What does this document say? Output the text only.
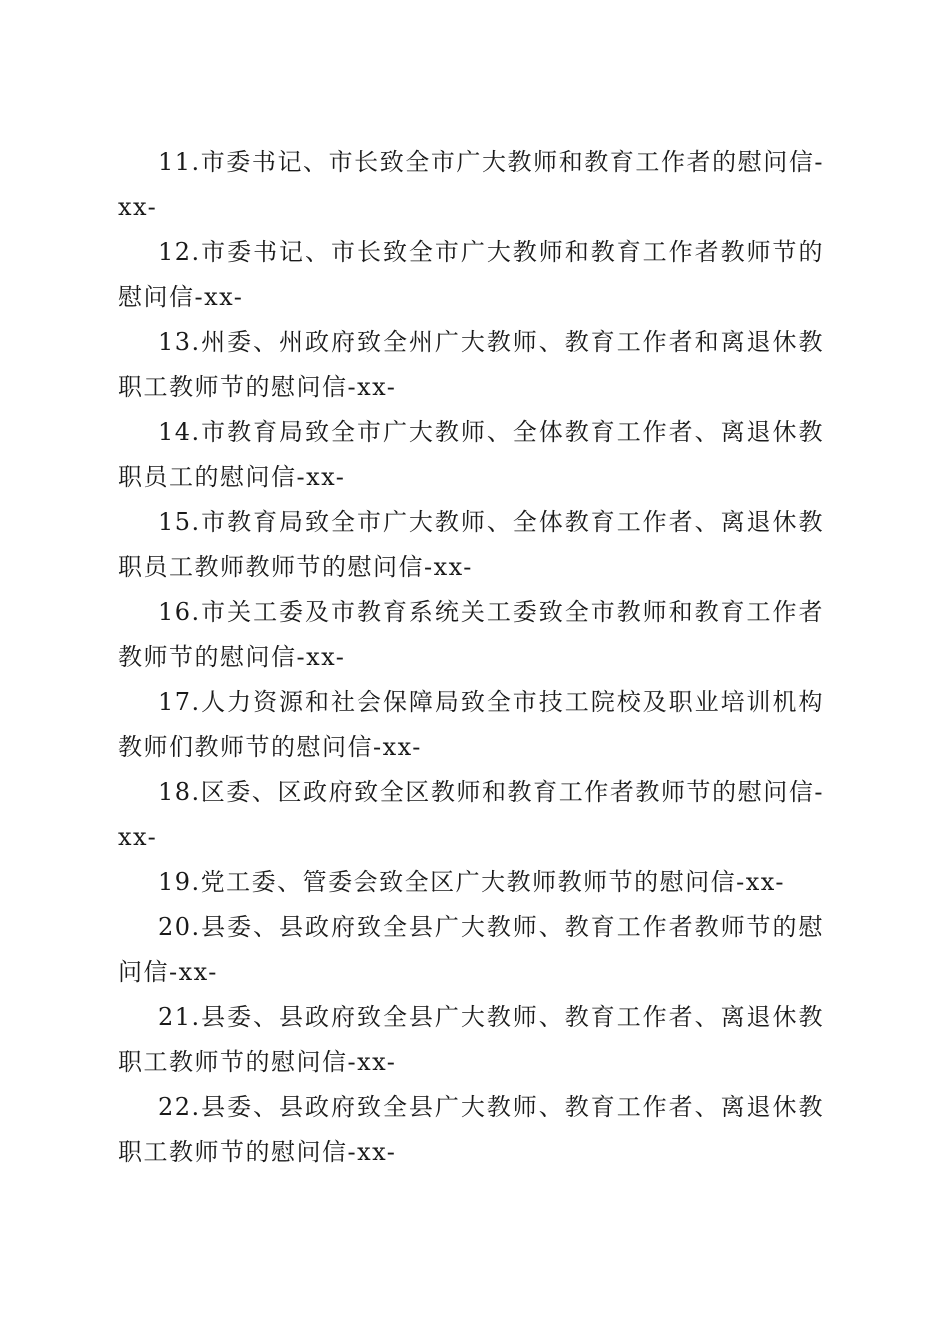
11.市委书记、市长致全市广大教师和教育工作者的慰问信-xx-
12.市委书记、市长致全市广大教师和教育工作者教师节的慰问信-xx-
13.州委、州政府致全州广大教师、教育工作者和离退休教职工教师节的慰问信-xx-
14.市教育局致全市广大教师、全体教育工作者、离退休教职员工的慰问信-xx-
15.市教育局致全市广大教师、全体教育工作者、离退休教职员工教师教师节的慰问信-xx-
16.市关工委及市教育系统关工委致全市教师和教育工作者教师节的慰问信-xx-
17.人力资源和社会保障局致全市技工院校及职业培训机构教师们教师节的慰问信-xx-
18.区委、区政府致全区教师和教育工作者教师节的慰问信-xx-
19.党工委、管委会致全区广大教师教师节的慰问信-xx-
20.县委、县政府致全县广大教师、教育工作者教师节的慰问信-xx-
21.县委、县政府致全县广大教师、教育工作者、离退休教职工教师节的慰问信-xx-
22.县委、县政府致全县广大教师、教育工作者、离退休教职工教师节的慰问信-xx-
